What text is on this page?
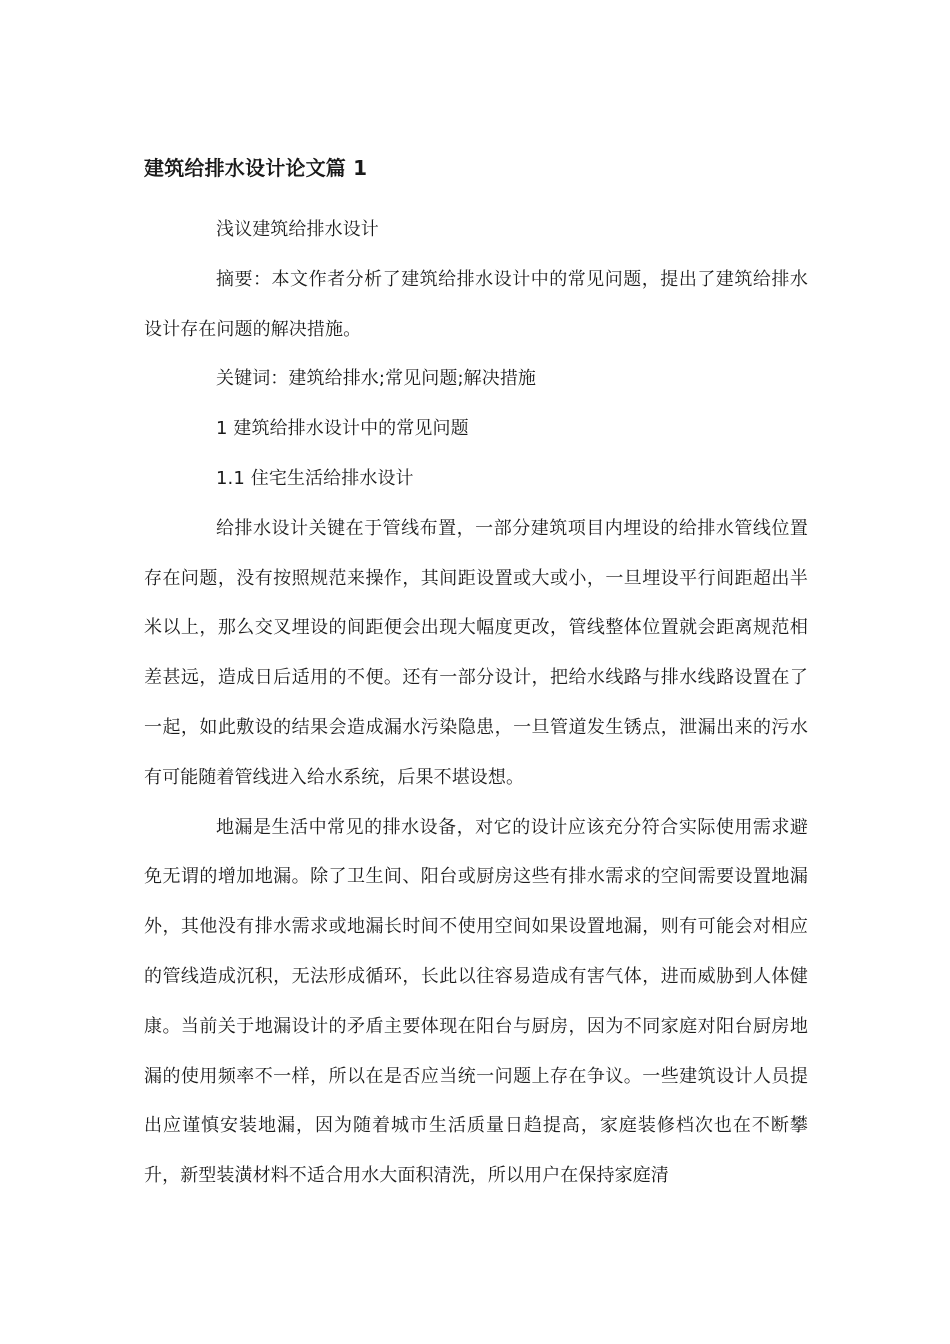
建筑给排水设计论文篇 1

浅议建筑给排水设计

摘要：本文作者分析了建筑给排水设计中的常见问题，提出了建筑给排水设计存在问题的解决措施。

关键词：建筑给排水;常见问题;解决措施

1 建筑给排水设计中的常见问题

1.1 住宅生活给排水设计

给排水设计关键在于管线布置，一部分建筑项目内埋设的给排水管线位置存在问题，没有按照规范来操作，其间距设置或大或小，一旦埋设平行间距超出半米以上，那么交叉埋设的间距便会出现大幅度更改，管线整体位置就会距离规范相差甚远，造成日后适用的不便。还有一部分设计，把给水线路与排水线路设置在了一起，如此敷设的结果会造成漏水污染隐患，一旦管道发生锈点，泄漏出来的污水有可能随着管线进入给水系统，后果不堪设想。

地漏是生活中常见的排水设备，对它的设计应该充分符合实际使用需求避免无谓的增加地漏。除了卫生间、阳台或厨房这些有排水需求的空间需要设置地漏外，其他没有排水需求或地漏长时间不使用空间如果设置地漏，则有可能会对相应的管线造成沉积，无法形成循环，长此以往容易造成有害气体，进而威胁到人体健康。当前关于地漏设计的矛盾主要体现在阳台与厨房，因为不同家庭对阳台厨房地漏的使用频率不一样，所以在是否应当统一问题上存在争议。一些建筑设计人员提出应谨慎安装地漏，因为随着城市生活质量日趋提高，家庭装修档次也在不断攀升，新型装潢材料不适合用水大面积清洗，所以用户在保持家庭清
